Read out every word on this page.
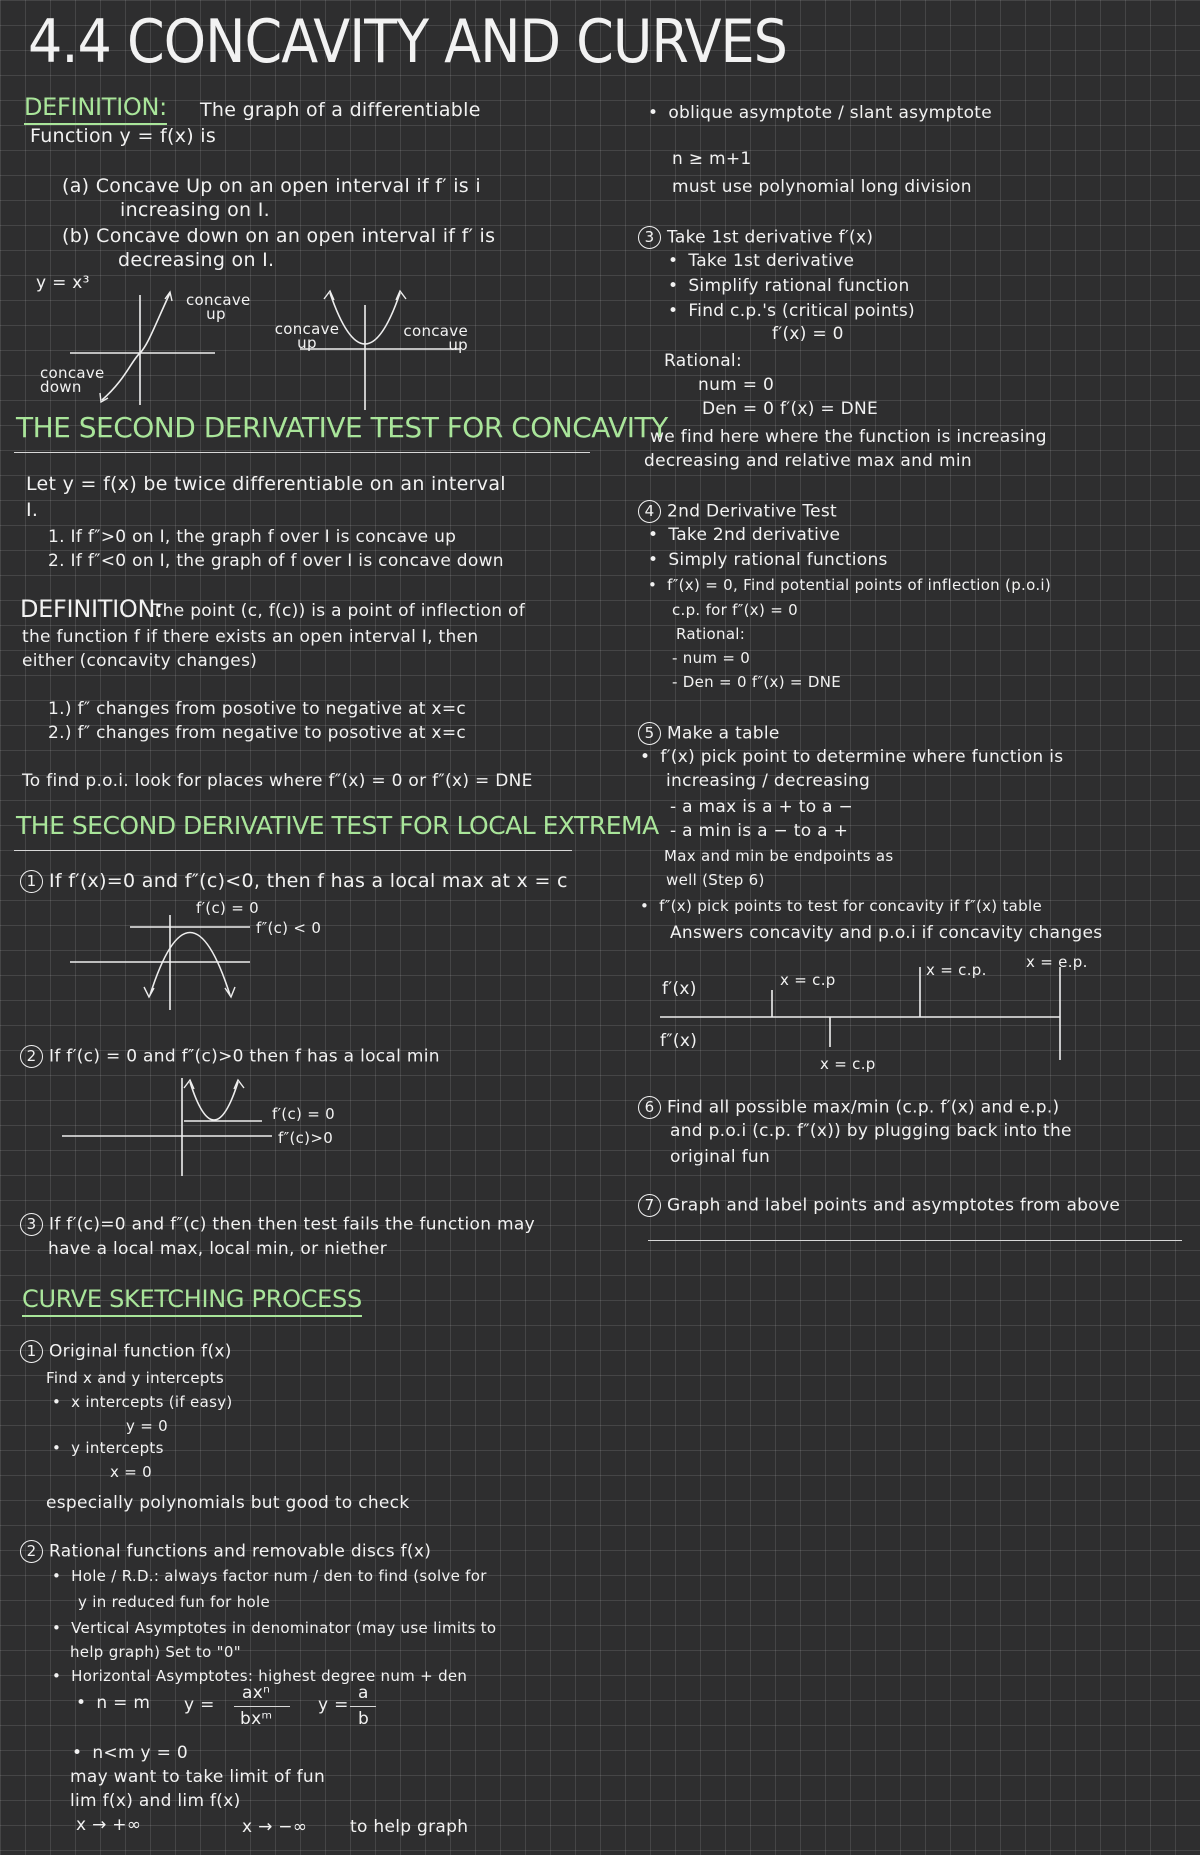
4.4 CONCAVITY AND CURVES
DEFINITION: The graph of a differentiable
Function y = f(x) is
(a) Concave Up on an open interval if f′ is i
increasing on I.
(b) Concave down on an open interval if f′ is
decreasing on I.
y = x³
concave up
concave down
concave up
concave up
THE SECOND DERIVATIVE TEST FOR CONCAVITY
Let y = f(x) be twice differentiable on an interval
I.
1. If f″>0 on I, the graph f over I is concave up
2. If f″<0 on I, the graph of f over I is concave down
DEFINITION:
The point (c, f(c)) is a point of inflection of
the function f if there exists an open interval I, then
either (concavity changes)
1.) f″ changes from posotive to negative at x=c
2.) f″ changes from negative to posotive at x=c
To find p.o.i. look for places where f″(x) = 0 or f″(x) = DNE
THE SECOND DERIVATIVE TEST FOR LOCAL EXTREMA
1 If f′(x)=0 and f″(c)<0, then f has a local max at x = c
f′(c) = 0
f″(c) < 0
2 If f′(c) = 0 and f″(c)>0 then f has a local min
f′(c) = 0
f″(c)>0
3 If f′(c)=0 and f″(c) then then test fails the function may
have a local max, local min, or niether
CURVE SKETCHING PROCESS
1 Original function f(x)
Find x and y intercepts
• x intercepts (if easy)
y = 0
• y intercepts
x = 0
especially polynomials but good to check
2 Rational functions and removable discs f(x)
• Hole / R.D.: always factor num / den to find (solve for
y in reduced fun for hole
• Vertical Asymptotes in denominator (may use limits to
help graph) Set to "0"
• Horizontal Asymptotes: highest degree num + den
• n = m y =
axⁿ
bxᵐ
y =
a
b
• n<m y = 0
may want to take limit of fun
lim f(x) and lim f(x)
x → +∞	x → −∞	to help graph
• oblique asymptote / slant asymptote
n ≥ m+1
must use polynomial long division
3 Take 1st derivative f′(x)
• Take 1st derivative
• Simplify rational function
• Find c.p.'s (critical points)
f′(x) = 0
Rational:
num = 0
Den = 0 f′(x) = DNE
we find here where the function is increasing
decreasing and relative max and min
4 2nd Derivative Test
• Take 2nd derivative
• Simply rational functions
• f″(x) = 0, Find potential points of inflection (p.o.i)
c.p. for f″(x) = 0
Rational:
- num = 0
- Den = 0 f″(x) = DNE
5 Make a table
• f′(x) pick point to determine where function is
increasing / decreasing
- a max is a + to a −
- a min is a − to a +
Max and min be endpoints as
well (Step 6)
• f″(x) pick points to test for concavity if f″(x) table
Answers concavity and p.o.i if concavity changes
f′(x)
f″(x)
x = c.p
x = c.p.	x = e.p.
x = c.p
6 Find all possible max/min (c.p. f′(x) and e.p.)
and p.o.i (c.p. f″(x)) by plugging back into the
original fun
7 Graph and label points and asymptotes from above
